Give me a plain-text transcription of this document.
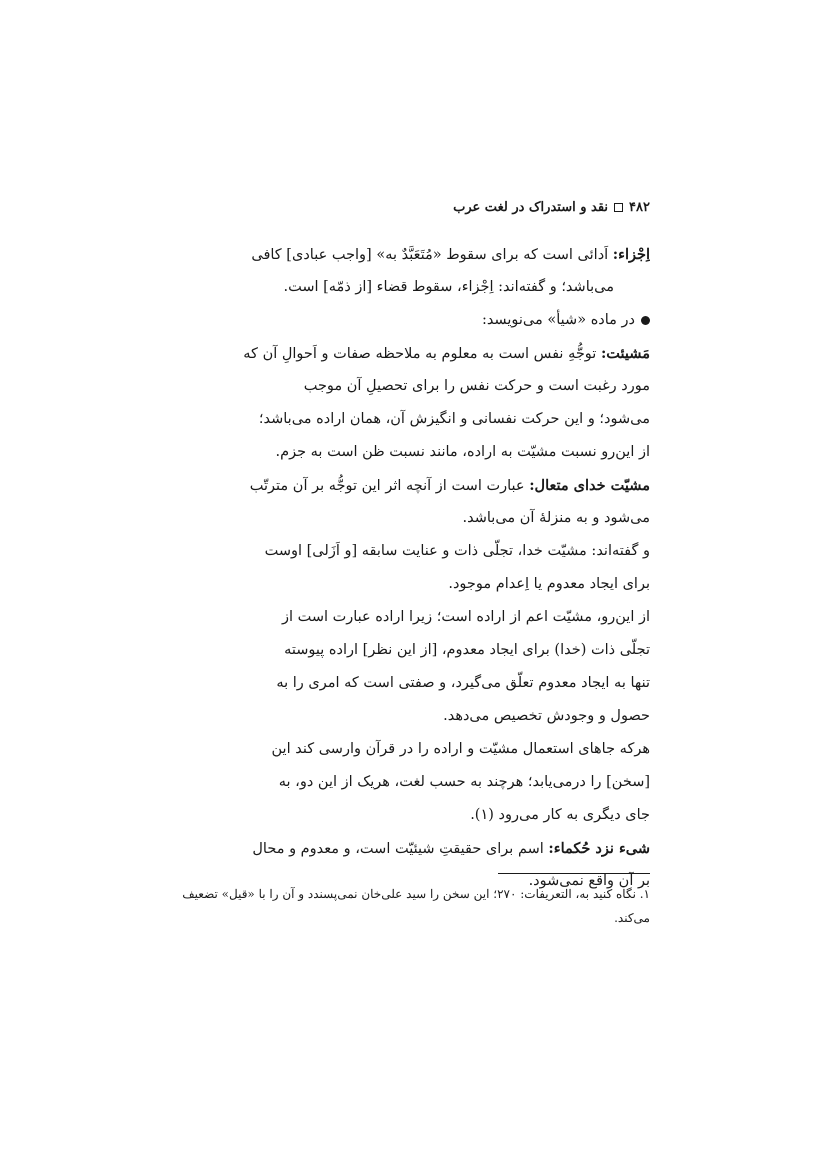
۴۸۲
نقد و استدراک در لغت عرب
اِجْزاء: اَدائی است که برای سقوط «مُتَعَبَّدٌ به» [واجب عبادی] کافی
می‌باشد؛ و گفته‌اند: اِجْزاء، سقوط قضاء [از ذمّه] است.
در ماده «شیأ» می‌نویسد:
مَشیئت: توجُّهِ نفس است به معلوم به ملاحظه صفات و اَحوالِ آن که
مورد رغبت است و حرکت نفس را برای تحصیلِ آن موجب
می‌شود؛ و این حرکت نفسانی و انگیزش آن، همان اراده می‌باشد؛
از این‌رو نسبت مشیّت به اراده، مانند نسبت ظن است به جزم.
مشیّت خدای متعال: عبارت است از آنچه اثر این توجُّه بر آن مترتّب
می‌شود و به منزلهٔ آن می‌باشد.
و گفته‌اند: مشیّت خدا، تجلّی ذات و عنایت سابقه [و اَزَلی] اوست
برای ایجاد معدوم یا اِعدام موجود.
از این‌رو، مشیّت اعم از اراده است؛ زیرا اراده عبارت است از
تجلّی ذات (خدا) برای ایجاد معدوم، [از این نظر] اراده پیوسته
تنها به ایجاد معدوم تعلّق می‌گیرد، و صفتی است که امری را به
حصول و وجودش تخصیص می‌دهد.
هرکه جاهای استعمال مشیّت و اراده را در قرآن وارسی کند این
[سخن] را درمی‌یابد؛ هرچند به حسب لغت، هریک از این دو، به
جای دیگری به کار می‌رود (۱).
شیء نزد حُکماء: اسم برای حقیقتِ شیئیّت است، و معدوم و محال
بر آن واقع نمی‌شود.
۱. نگاه کنید به، التعریفات: ۲۷۰؛ این سخن را سید علی‌خان نمی‌پسندد و آن را با «قیل» تضعیف
می‌کند.
